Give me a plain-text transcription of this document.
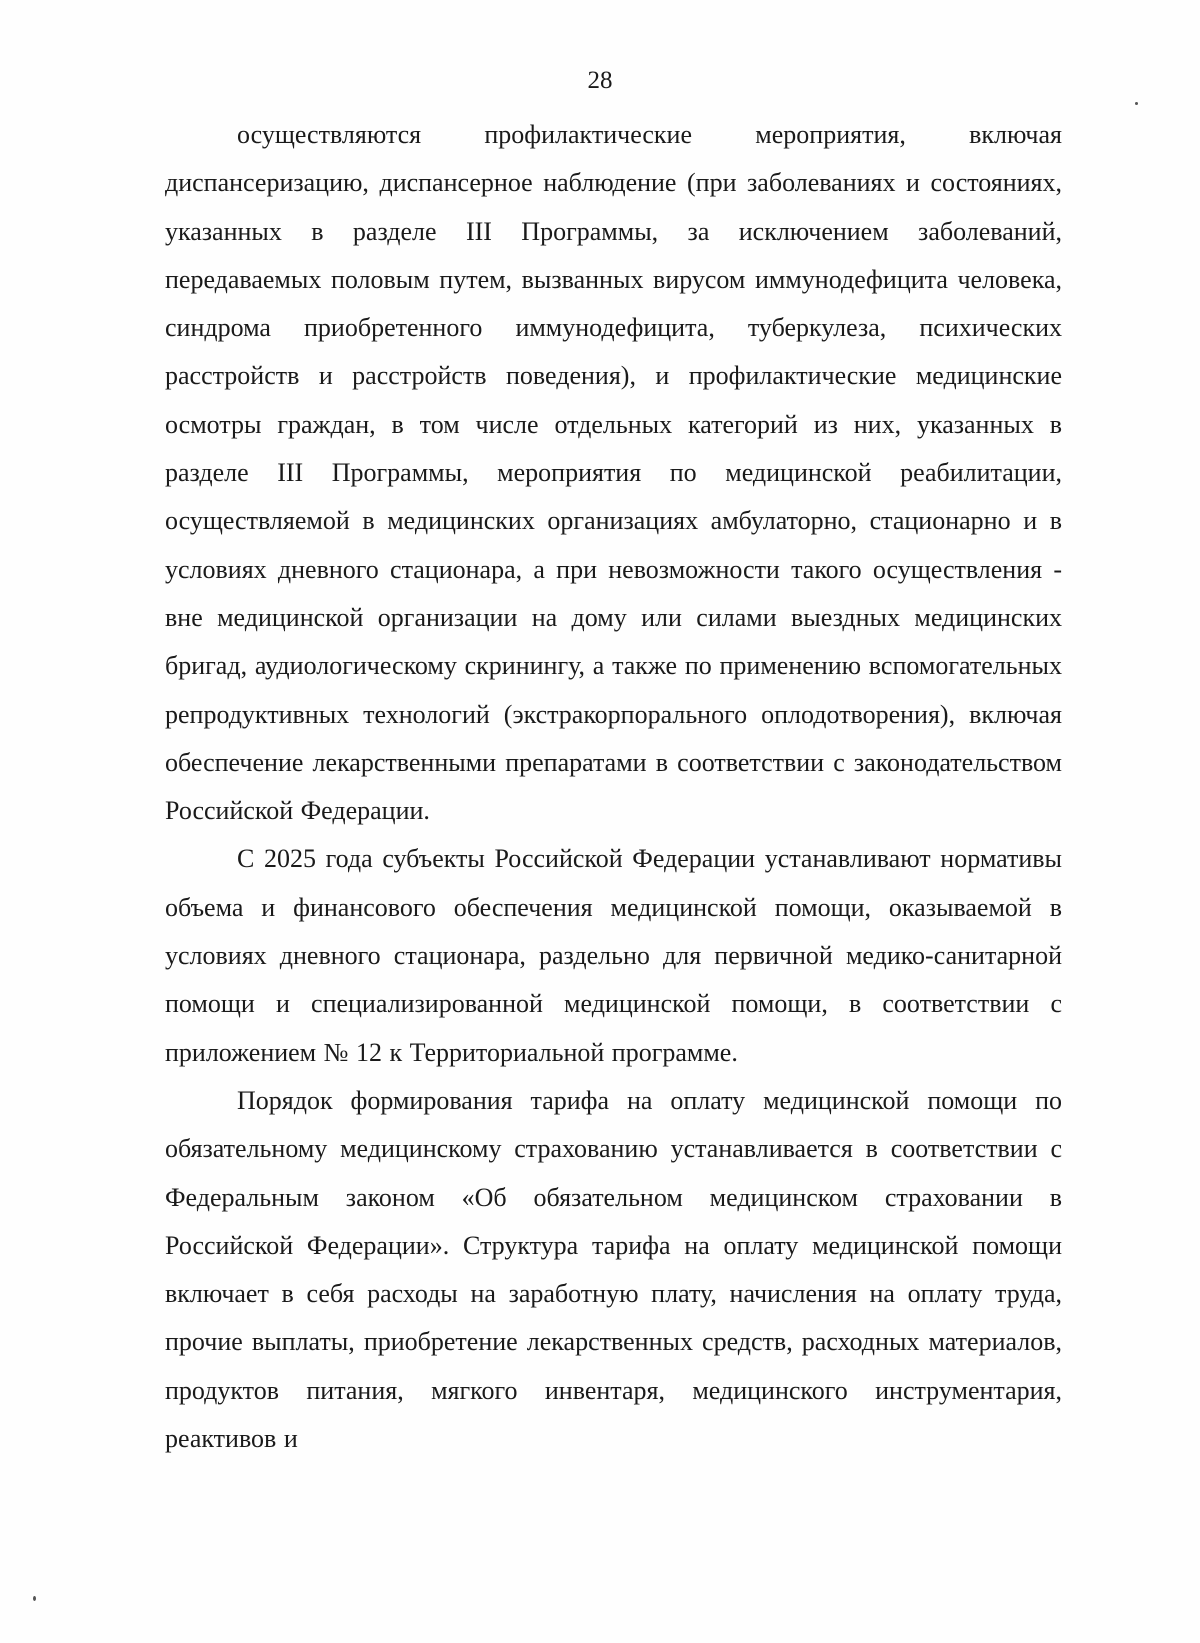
28

осуществляются профилактические мероприятия, включая диспансеризацию, диспансерное наблюдение (при заболеваниях и состояниях, указанных в разделе III Программы, за исключением заболеваний, передаваемых половым путем, вызванных вирусом иммунодефицита человека, синдрома приобретенного иммунодефицита, туберкулеза, психических расстройств и расстройств поведения), и профилактические медицинские осмотры граждан, в том числе отдельных категорий из них, указанных в разделе III Программы, мероприятия по медицинской реабилитации, осуществляемой в медицинских организациях амбулаторно, стационарно и в условиях дневного стационара, а при невозможности такого осуществления - вне медицинской организации на дому или силами выездных медицинских бригад, аудиологическому скринингу, а также по применению вспомогательных репродуктивных технологий (экстракорпорального оплодотворения), включая обеспечение лекарственными препаратами в соответствии с законодательством Российской Федерации.

С 2025 года субъекты Российской Федерации устанавливают нормативы объема и финансового обеспечения медицинской помощи, оказываемой в условиях дневного стационара, раздельно для первичной медико-санитарной помощи и специализированной медицинской помощи, в соответствии с приложением № 12 к Территориальной программе.

Порядок формирования тарифа на оплату медицинской помощи по обязательному медицинскому страхованию устанавливается в соответствии с Федеральным законом «Об обязательном медицинском страховании в Российской Федерации». Структура тарифа на оплату медицинской помощи включает в себя расходы на заработную плату, начисления на оплату труда, прочие выплаты, приобретение лекарственных средств, расходных материалов, продуктов питания, мягкого инвентаря, медицинского инструментария, реактивов и
